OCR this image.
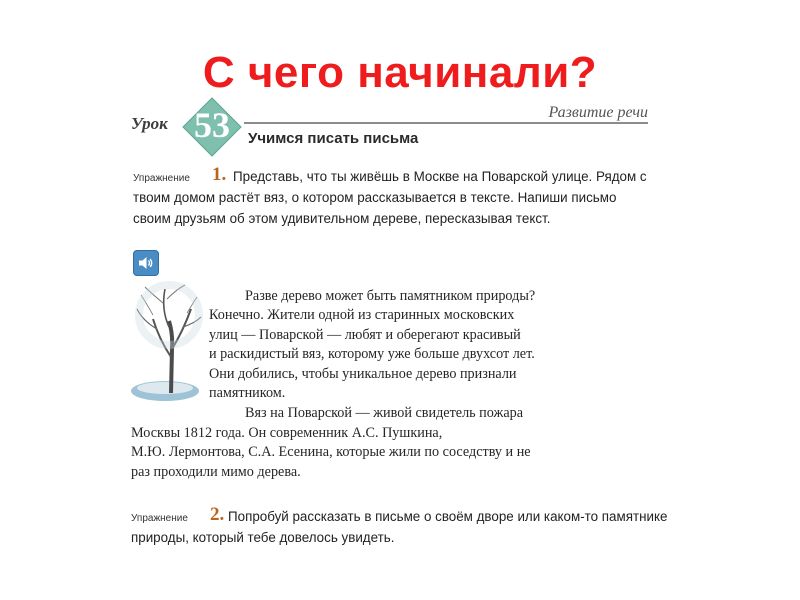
С чего начинали?
Урок 53	Развитие речи
Учимся писать письма
Упражнение 1. Представь, что ты живёшь в Москве на Поварской улице. Рядом с твоим домом растёт вяз, о котором рассказывается в тексте. Напиши письмо своим друзьям об этом удивительном дереве, пересказывая текст.
Разве дерево может быть памятником природы?
Конечно. Жители одной из старинных московских
улиц — Поварской — любят и оберегают красивый
и раскидистый вяз, которому уже больше двухсот лет.
Они добились, чтобы уникальное дерево признали
памятником.
Вяз на Поварской — живой свидетель пожара
Москвы 1812 года. Он современник А.С. Пушкина,
М.Ю. Лермонтова, С.А. Есенина, которые жили по соседству и не
раз проходили мимо дерева.
Упражнение 2. Попробуй рассказать в письме о своём дворе или каком-то памятнике природы, который тебе довелось увидеть.
